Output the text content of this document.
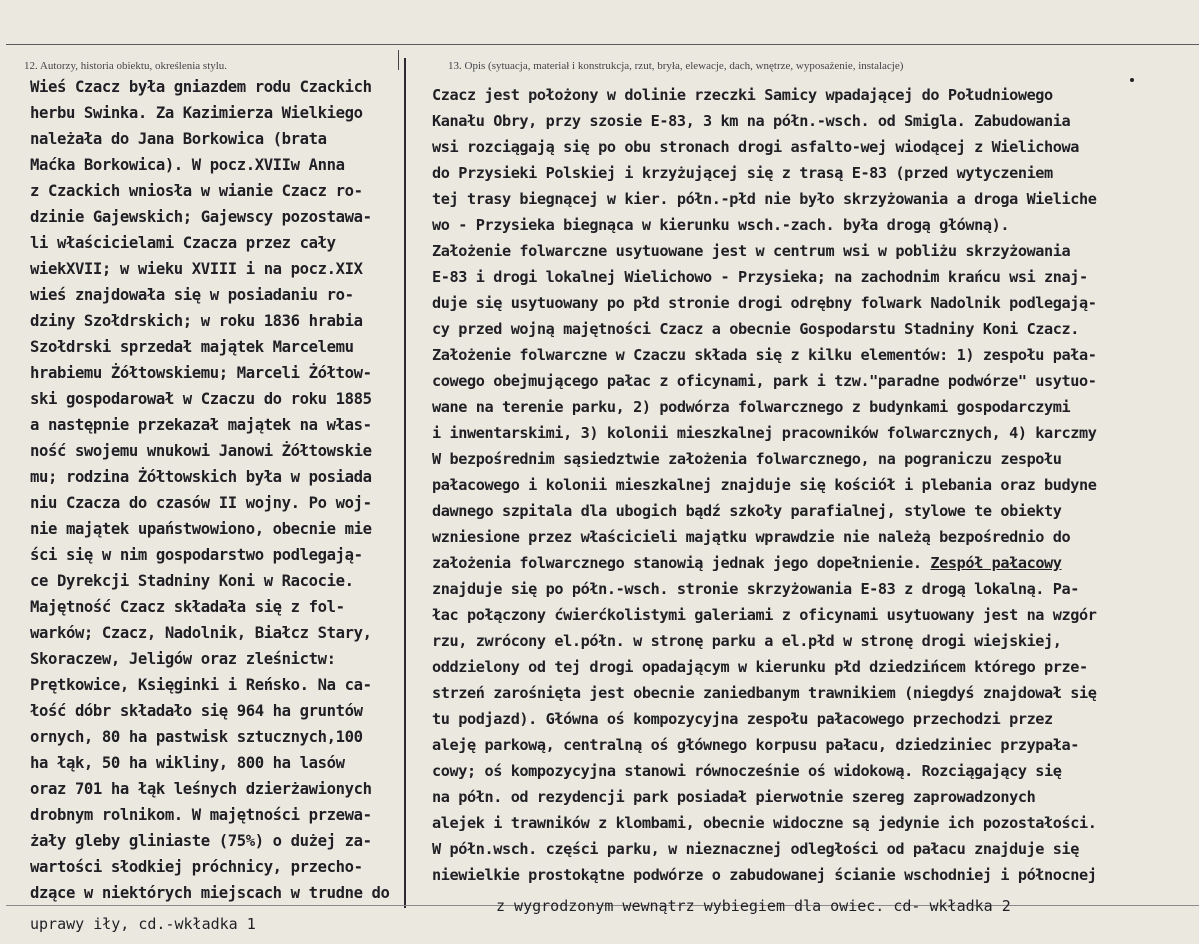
12. Autorzy, historia obiektu, określenia stylu.	13. Opis (sytuacja, materiał i konstrukcja, rzut, bryła, elewacje, dach, wnętrze, wyposażenie, instalacje)
Wieś Czacz była gniazdem rodu Czackich
herbu Swinka. Za Kazimierza Wielkiego
należała do Jana Borkowica (brata
Maćka Borkowica). W pocz.XVIIw Anna
z Czackich wniosła w wianie Czacz ro-
dzinie Gajewskich; Gajewscy pozostawa-
li właścicielami Czacza przez cały
wiekXVII; w wieku XVIII i na pocz.XIX
wieś znajdowała się w posiadaniu ro-
dziny Szołdrskich; w roku 1836 hrabia
Szołdrski sprzedał majątek Marcelemu
hrabiemu Żółtowskiemu; Marceli Żółtow-
ski gospodarował w Czaczu do roku 1885
a następnie przekazał majątek na włas-
ność swojemu wnukowi Janowi Żółtowskie
mu; rodzina Żółtowskich była w posiada
niu Czacza do czasów II wojny. Po woj-
nie majątek upaństwowiono, obecnie mie
ści się w nim gospodarstwo podlegają-
ce Dyrekcji Stadniny Koni w Racocie.
Majętność Czacz składała się z fol-
warków; Czacz, Nadolnik, Białcz Stary,
Skoraczew, Jeligów oraz zleśnictw:
Prętkowice, Księginki i Reńsko. Na ca-
łość dóbr składało się 964 ha gruntów
ornych, 80 ha pastwisk sztucznych,100
ha łąk, 50 ha wikliny, 800 ha lasów
oraz 701 ha łąk leśnych dzierżawionych
drobnym rolnikom. W majętności przewa-
żały gleby gliniaste (75%) o dużej za-
wartości słodkiej próchnicy, przecho-
dzące w niektórych miejscach w trudne do
Czacz jest położony w dolinie rzeczki Samicy wpadającej do Południowego
Kanału Obry, przy szosie E-83, 3 km na półn.-wsch. od Smigla. Zabudowania
wsi rozciągają się po obu stronach drogi asfalto-wej wiodącej z Wielichowa
do Przysieki Polskiej i krzyżującej się z trasą E-83 (przed wytyczeniem
tej trasy biegnącej w kier. półn.-płd nie było skrzyżowania a droga Wieliche
wo - Przysieka biegnąca w kierunku wsch.-zach. była drogą główną).
Założenie folwarczne usytuowane jest w centrum wsi w pobliżu skrzyżowania
E-83 i drogi lokalnej Wielichowo - Przysieka; na zachodnim krańcu wsi znaj-
duje się usytuowany po płd stronie drogi odrębny folwark Nadolnik podlegają-
cy przed wojną majętności Czacz a obecnie Gospodarstu Stadniny Koni Czacz.
Założenie folwarczne w Czaczu składa się z kilku elementów: 1) zespołu pała-
cowego obejmującego pałac z oficynami, park i tzw."paradne podwórze" usytuo-
wane na terenie parku, 2) podwórza folwarcznego z budynkami gospodarczymi
i inwentarskimi, 3) kolonii mieszkalnej pracowników folwarcznych, 4) karczmy
W bezpośrednim sąsiedztwie założenia folwarcznego, na pograniczu zespołu
pałacowego i kolonii mieszkalnej znajduje się kościół i plebania oraz budyne
dawnego szpitala dla ubogich bądź szkoły parafialnej, stylowe te obiekty
wzniesione przez właścicieli majątku wprawdzie nie należą bezpośrednio do
założenia folwarcznego stanowią jednak jego dopełnienie. Zespół pałacowy
znajduje się po półn.-wsch. stronie skrzyżowania E-83 z drogą lokalną. Pa-
łac połączony ćwierćkolistymi galeriami z oficynami usytuowany jest na wzgór
rzu, zwrócony el.półn. w stronę parku a el.płd w stronę drogi wiejskiej,
oddzielony od tej drogi opadającym w kierunku płd dziedzińcem którego prze-
strzeń zarośnięta jest obecnie zaniedbanym trawnikiem (niegdyś znajdował się
tu podjazd). Główna oś kompozycyjna zespołu pałacowego przechodzi przez
aleję parkową, centralną oś głównego korpusu pałacu, dziedziniec przypała-
cowy; oś kompozycyjna stanowi równocześnie oś widokową. Rozciągający się
na półn. od rezydencji park posiadał pierwotnie szereg zaprowadzonych
alejek i trawników z klombami, obecnie widoczne są jedynie ich pozostałości.
W półn.wsch. części parku, w nieznacznej odległości od pałacu znajduje się
niewielkie prostokątne podwórze o zabudowanej ścianie wschodniej i północnej
uprawy iły, cd.-wkładka 1
z wygrodzonym wewnątrz wybiegiem dla owiec. cd- wkładka 2
